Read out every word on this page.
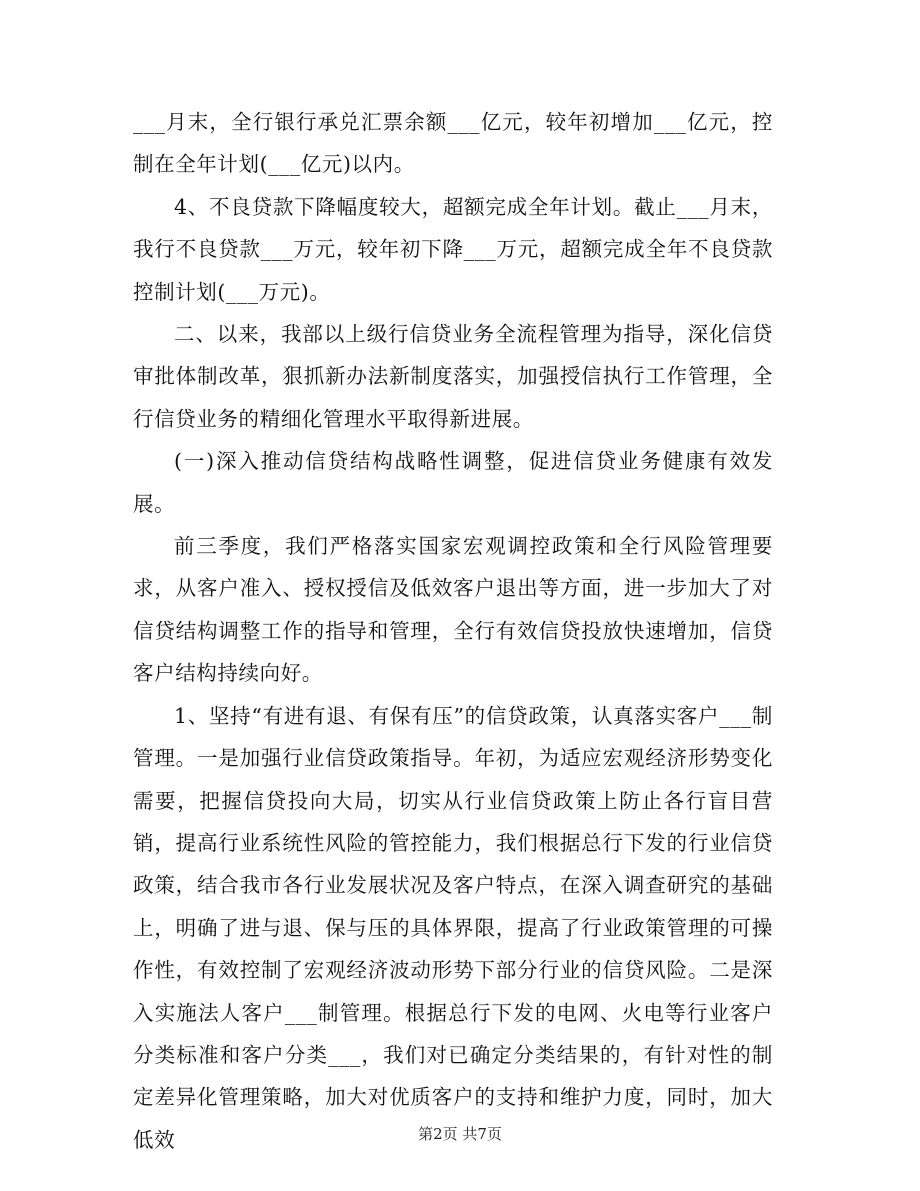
___月末，全行银行承兑汇票余额___亿元，较年初增加___亿元，控制在全年计划(___亿元)以内。

4、不良贷款下降幅度较大，超额完成全年计划。截止___月末，我行不良贷款___万元，较年初下降___万元，超额完成全年不良贷款控制计划(___万元)。

二、以来，我部以上级行信贷业务全流程管理为指导，深化信贷审批体制改革，狠抓新办法新制度落实，加强授信执行工作管理，全行信贷业务的精细化管理水平取得新进展。

(一)深入推动信贷结构战略性调整，促进信贷业务健康有效发展。

前三季度，我们严格落实国家宏观调控政策和全行风险管理要求，从客户准入、授权授信及低效客户退出等方面，进一步加大了对信贷结构调整工作的指导和管理，全行有效信贷投放快速增加，信贷客户结构持续向好。

1、坚持“有进有退、有保有压”的信贷政策，认真落实客户___制管理。一是加强行业信贷政策指导。年初，为适应宏观经济形势变化需要，把握信贷投向大局，切实从行业信贷政策上防止各行盲目营销，提高行业系统性风险的管控能力，我们根据总行下发的行业信贷政策，结合我市各行业发展状况及客户特点，在深入调查研究的基础上，明确了进与退、保与压的具体界限，提高了行业政策管理的可操作性，有效控制了宏观经济波动形势下部分行业的信贷风险。二是深入实施法人客户___制管理。根据总行下发的电网、火电等行业客户分类标准和客户分类___，我们对已确定分类结果的，有针对性的制定差异化管理策略，加大对优质客户的支持和维护力度，同时，加大低效	第2页 共7页
